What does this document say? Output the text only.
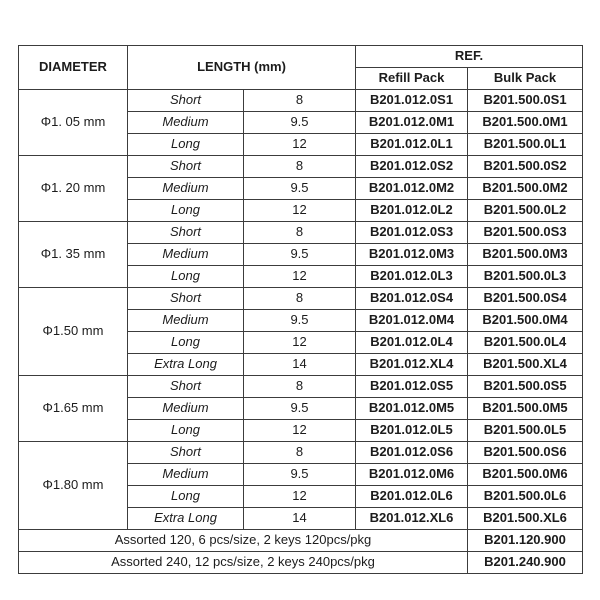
DIAMETER	LENGTH (mm)		REF.	
			Refill Pack	Bulk Pack
Φ1. 05 mm	Short	8	B201.012.0S1	B201.500.0S1
	Medium	9.5	B201.012.0M1	B201.500.0M1
	Long	12	B201.012.0L1	B201.500.0L1
Φ1. 20 mm	Short	8	B201.012.0S2	B201.500.0S2
	Medium	9.5	B201.012.0M2	B201.500.0M2
	Long	12	B201.012.0L2	B201.500.0L2
Φ1. 35 mm	Short	8	B201.012.0S3	B201.500.0S3
	Medium	9.5	B201.012.0M3	B201.500.0M3
	Long	12	B201.012.0L3	B201.500.0L3
Φ1.50 mm	Short	8	B201.012.0S4	B201.500.0S4
	Medium	9.5	B201.012.0M4	B201.500.0M4
	Long	12	B201.012.0L4	B201.500.0L4
	Extra Long	14	B201.012.XL4	B201.500.XL4
Φ1.65 mm	Short	8	B201.012.0S5	B201.500.0S5
	Medium	9.5	B201.012.0M5	B201.500.0M5
	Long	12	B201.012.0L5	B201.500.0L5
Φ1.80 mm	Short	8	B201.012.0S6	B201.500.0S6
	Medium	9.5	B201.012.0M6	B201.500.0M6
	Long	12	B201.012.0L6	B201.500.0L6
	Extra Long	14	B201.012.XL6	B201.500.XL6
Assorted 120, 6 pcs/size, 2 keys 120pcs/pkg				B201.120.900
Assorted 240, 12 pcs/size, 2 keys 240pcs/pkg				B201.240.900
